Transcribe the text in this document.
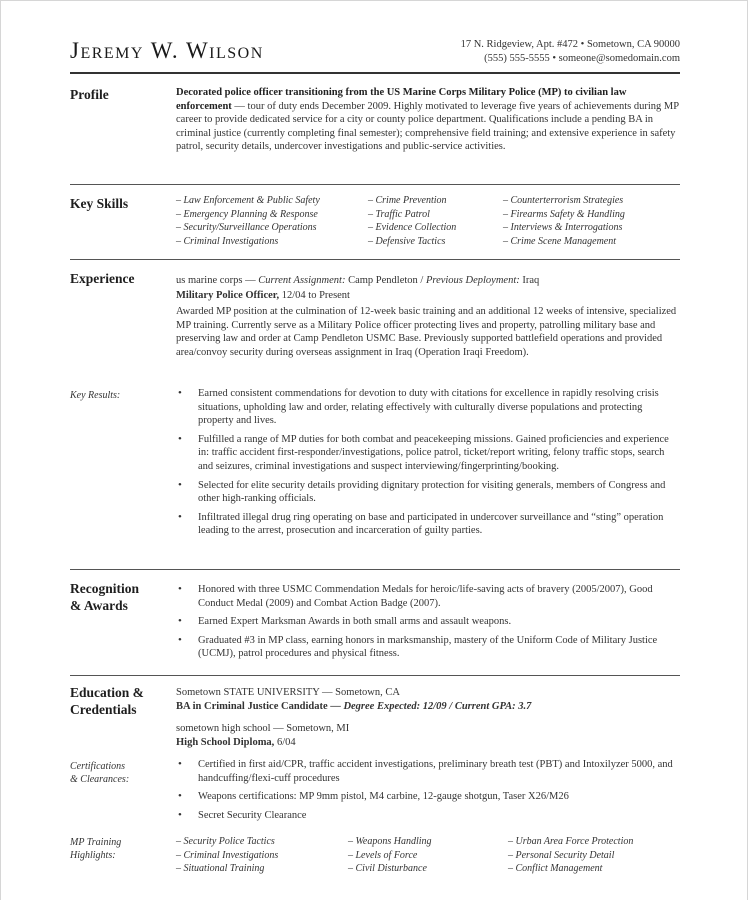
Jeremy W. Wilson	17 N. Ridgeview, Apt. #472 • Sometown, CA 90000
(555) 555-5555 • someone@somedomain.com
Profile	Decorated police officer transitioning from the US Marine Corps Military Police (MP) to civilian law enforcement — tour of duty ends December 2009. Highly motivated to leverage five years of achievements during MP career to provide dedicated service for a city or county police department. Qualifications include a pending BA in criminal justice (currently completing final semester); comprehensive field training; and extensive experience in safety patrol, security details, undercover investigations and public-service activities.
Key Skills	– Law Enforcement & Public Safety	– Crime Prevention	– Counterterrorism Strategies
– Emergency Planning & Response	– Traffic Patrol	– Firearms Safety & Handling
– Security/Surveillance Operations	– Evidence Collection	– Interviews & Interrogations
– Criminal Investigations	– Defensive Tactics	– Crime Scene Management
Experience	us marine corps — Current Assignment: Camp Pendleton / Previous Deployment: Iraq
Military Police Officer, 12/04 to Present
Awarded MP position at the culmination of 12-week basic training and an additional 12 weeks of intensive, specialized MP training. Currently serve as a Military Police officer protecting lives and property, patrolling military base and preserving law and order at Camp Pendleton USMC Base. Previously supported battlefield operations and provided area/convoy security during overseas assignment in Iraq (Operation Iraqi Freedom).
Key Results:
•	Earned consistent commendations for devotion to duty with citations for excellence in rapidly resolving crisis situations, upholding law and order, relating effectively with culturally diverse populations and protecting property and lives.
• Fulfilled a range of MP duties for both combat and peacekeeping missions. Gained proficiencies and experience in: traffic accident first-responder/investigations, police patrol, ticket/report writing, felony traffic stops, search and seizures, criminal investigations and suspect interviewing/fingerprinting/booking.
• Selected for elite security details providing dignitary protection for visiting generals, members of Congress and other high-ranking officials.
• Infiltrated illegal drug ring operating on base and participated in undercover surveillance and “sting” operation leading to the arrest, prosecution and incarceration of guilty parties.
Recognition
& Awards
• Honored with three USMC Commendation Medals for heroic/life-saving acts of bravery (2005/2007), Good Conduct Medal (2009) and Combat Action Badge (2007).
• Earned Expert Marksman Awards in both small arms and assault weapons.
• Graduated #3 in MP class, earning honors in marksmanship, mastery of the Uniform Code of Military Justice (UCMJ), patrol procedures and physical fitness.
Education &
Credentials
Sometown STATE UNIVERSITY — Sometown, CA
BA in Criminal Justice Candidate — Degree Expected: 12/09 / Current GPA: 3.7
sometown high school — Sometown, MI
High School Diploma, 6/04
Certifications
& Clearances:
• Certified in first aid/CPR, traffic accident investigations, preliminary breath test (PBT) and Intoxilyzer 5000, and handcuffing/flexi-cuff procedures
• Weapons certifications: MP 9mm pistol, M4 carbine, 12-gauge shotgun, Taser X26/M26
• Secret Security Clearance
MP Training
Highlights:
– Security Police Tactics	– Weapons Handling	– Urban Area Force Protection
– Criminal Investigations	– Levels of Force	– Personal Security Detail
– Situational Training	– Civil Disturbance	– Conflict Management
